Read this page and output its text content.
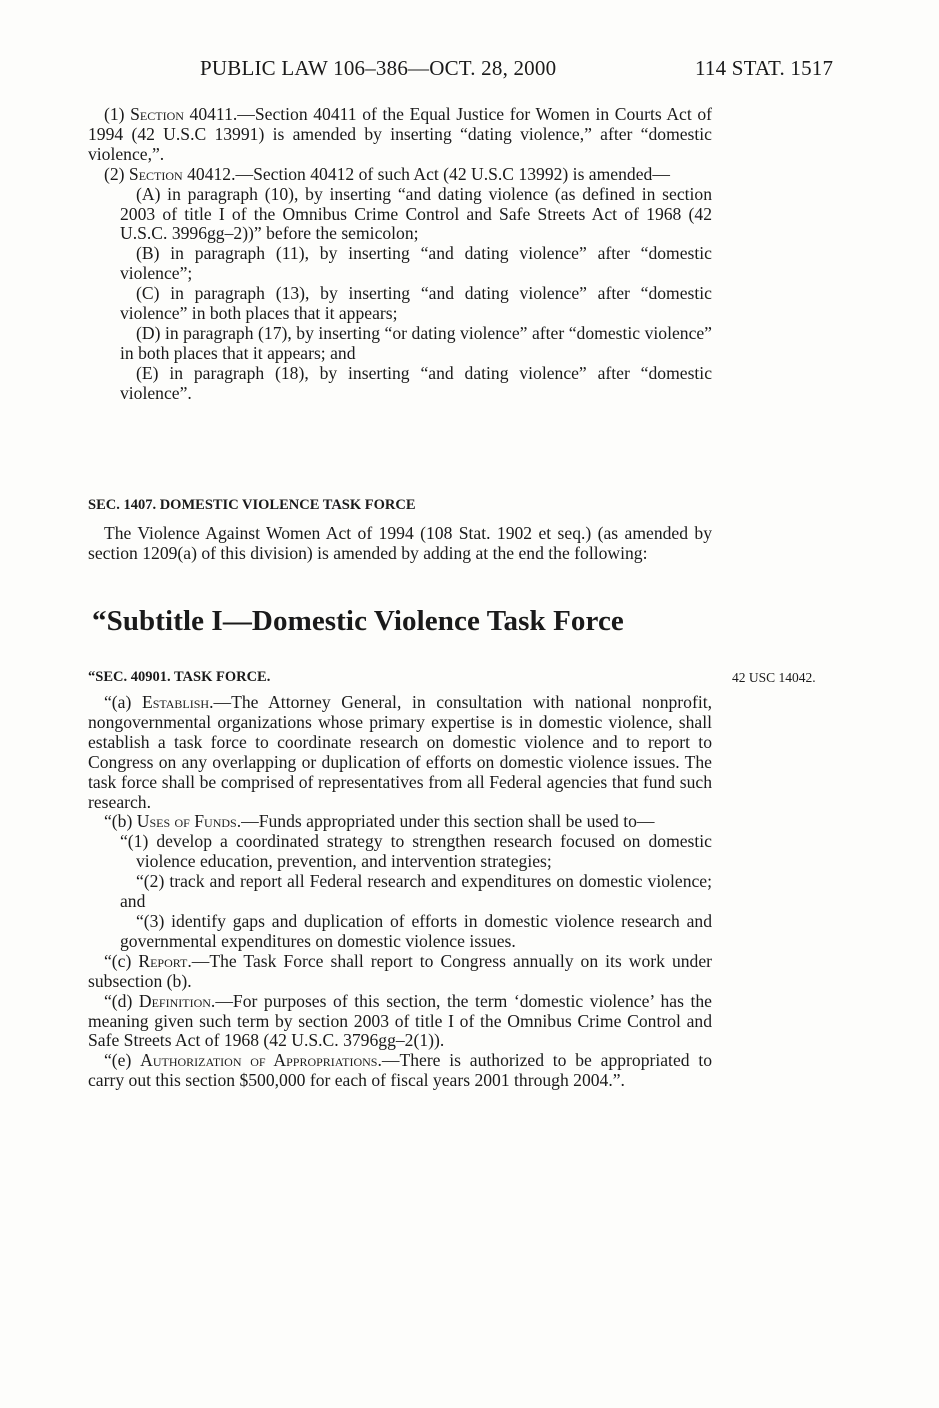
PUBLIC LAW 106–386—OCT. 28, 2000	114 STAT. 1517

(1) Section 40411.—Section 40411 of the Equal Justice for Women in Courts Act of 1994 (42 U.S.C 13991) is amended by inserting “dating violence,” after “domestic violence,”.

(2) Section 40412.—Section 40412 of such Act (42 U.S.C 13992) is amended—

(A) in paragraph (10), by inserting “and dating violence (as defined in section 2003 of title I of the Omnibus Crime Control and Safe Streets Act of 1968 (42 U.S.C. 3996gg–2))” before the semicolon;

(B) in paragraph (11), by inserting “and dating violence” after “domestic violence”;

(C) in paragraph (13), by inserting “and dating violence” after “domestic violence” in both places that it appears;

(D) in paragraph (17), by inserting “or dating violence” after “domestic violence” in both places that it appears; and

(E) in paragraph (18), by inserting “and dating violence” after “domestic violence”.

SEC. 1407. DOMESTIC VIOLENCE TASK FORCE

The Violence Against Women Act of 1994 (108 Stat. 1902 et seq.) (as amended by section 1209(a) of this division) is amended by adding at the end the following:

“Subtitle I—Domestic Violence Task Force
“SEC. 40901. TASK FORCE.	42 USC 14042.

“(a) Establish.—The Attorney General, in consultation with national nonprofit, nongovernmental organizations whose primary expertise is in domestic violence, shall establish a task force to coordinate research on domestic violence and to report to Congress on any overlapping or duplication of efforts on domestic violence issues. The task force shall be comprised of representatives from all Federal agencies that fund such research.

“(b) Uses of Funds.—Funds appropriated under this section shall be used to—

“(1) develop a coordinated strategy to strengthen research focused on domestic violence education, prevention, and intervention strategies;

“(2) track and report all Federal research and expenditures on domestic violence; and

“(3) identify gaps and duplication of efforts in domestic violence research and governmental expenditures on domestic violence issues.

“(c) Report.—The Task Force shall report to Congress annually on its work under subsection (b).

“(d) Definition.—For purposes of this section, the term ‘domestic violence’ has the meaning given such term by section 2003 of title I of the Omnibus Crime Control and Safe Streets Act of 1968 (42 U.S.C. 3796gg–2(1)).

“(e) Authorization of Appropriations.—There is authorized to be appropriated to carry out this section $500,000 for each of fiscal years 2001 through 2004.”.
